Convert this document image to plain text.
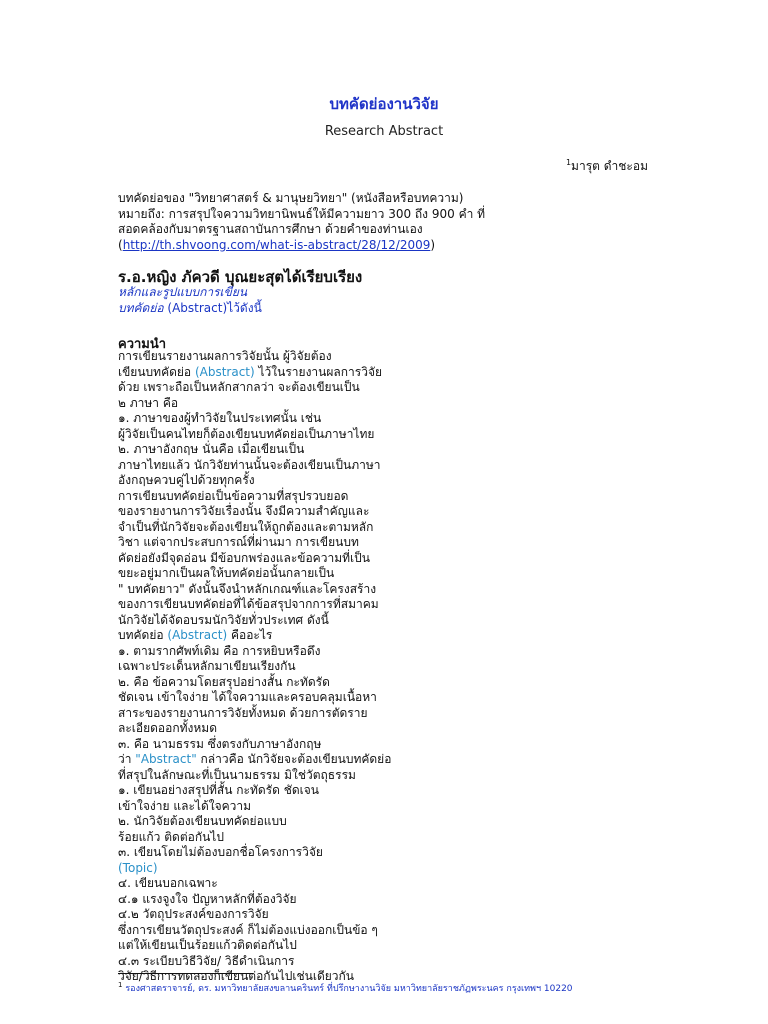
บทคัดย่องานวิจัย
Research Abstract
$^1$มารุต ดำชะอม
บทคัดย่อของ "วิทยาศาสตร์ & มานุษยวิทยา" (หนังสือหรือบทความ)
หมายถึง: การสรุปใจความวิทยานิพนธ์ให้มีความยาว 300 ถึง 900 คำ ที่
สอดคล้องกับมาตรฐานสถาบันการศึกษา ด้วยคำของท่านเอง
(http://th.shvoong.com/what-is-abstract/28/12/2009)
ร.อ.หญิง ภัควดี บุณยะสุตได้เรียบเรียง
หลักและรูปแบบการเขียน
บทคัดย่อ (Abstract)ไว้ดังนี้
ความนำ
การเขียนรายงานผลการวิจัยนั้น ผู้วิจัยต้อง
เขียนบทคัดย่อ (Abstract) ไว้ในรายงานผลการวิจัย
ด้วย เพราะถือเป็นหลักสากลว่า จะต้องเขียนเป็น
๒ ภาษา คือ
๑. ภาษาของผู้ทำวิจัยในประเทศนั้น เช่น
ผู้วิจัยเป็นคนไทยก็ต้องเขียนบทคัดย่อเป็นภาษาไทย
๒. ภาษาอังกฤษ นั่นคือ เมื่อเขียนเป็น
ภาษาไทยแล้ว นักวิจัยท่านนั้นจะต้องเขียนเป็นภาษา
อังกฤษควบคู่ไปด้วยทุกครั้ง
การเขียนบทคัดย่อเป็นข้อความที่สรุปรวบยอด
ของรายงานการวิจัยเรื่องนั้น จึงมีความสำคัญและ
จำเป็นที่นักวิจัยจะต้องเขียนให้ถูกต้องและตามหลัก
วิชา แต่จากประสบการณ์ที่ผ่านมา การเขียนบท
คัดย่อยังมีจุดอ่อน มีข้อบกพร่องและข้อความที่เป็น
ขยะอยู่มากเป็นผลให้บทคัดย่อนั้นกลายเป็น
" บทคัดยาว" ดังนั้นจึงนำหลักเกณฑ์และโครงสร้าง
ของการเขียนบทคัดย่อที่ได้ข้อสรุปจากการที่สมาคม
นักวิจัยได้จัดอบรมนักวิจัยทั่วประเทศ ดังนี้
บทคัดย่อ (Abstract) คืออะไร
๑. ตามรากศัพท์เดิม คือ การหยิบหรือดึง
เฉพาะประเด็นหลักมาเขียนเรียงกัน
๒. คือ ข้อความโดยสรุปอย่างสั้น กะทัดรัด
ชัดเจน เข้าใจง่าย ได้ใจความและครอบคลุมเนื้อหา
สาระของรายงานการวิจัยทั้งหมด ด้วยการตัดราย
ละเอียดออกทั้งหมด
๓. คือ นามธรรม ซึ่งตรงกับภาษาอังกฤษ
ว่า "Abstract" กล่าวคือ นักวิจัยจะต้องเขียนบทคัดย่อ
ที่สรุปในลักษณะที่เป็นนามธรรม มิใช่วัตถุธรรม
๑. เขียนอย่างสรุปที่สั้น กะทัดรัด ชัดเจน
เข้าใจง่าย และได้ใจความ
๒. นักวิจัยต้องเขียนบทคัดย่อแบบ
ร้อยแก้ว ติดต่อกันไป
๓. เขียนโดยไม่ต้องบอกชื่อโครงการวิจัย
(Topic)
๔. เขียนบอกเฉพาะ
๔.๑ แรงจูงใจ ปัญหาหลักที่ต้องวิจัย
๔.๒ วัตถุประสงค์ของการวิจัย
ซึ่งการเขียนวัตถุประสงค์ ก็ไม่ต้องแบ่งออกเป็นข้อ ๆ
แต่ให้เขียนเป็นร้อยแก้วติดต่อกันไป
๔.๓ ระเบียบวิธีวิจัย/ วิธีดำเนินการ
วิจัย/วิธีการทดลองก็เขียนต่อกันไปเช่นเดียวกัน
$^1$ รองศาสตราจารย์, ดร. มหาวิทยาลัยสงขลานครินทร์ ที่ปรึกษางานวิจัย มหาวิทยาลัยราชภัฏพระนคร กรุงเทพฯ 10220
